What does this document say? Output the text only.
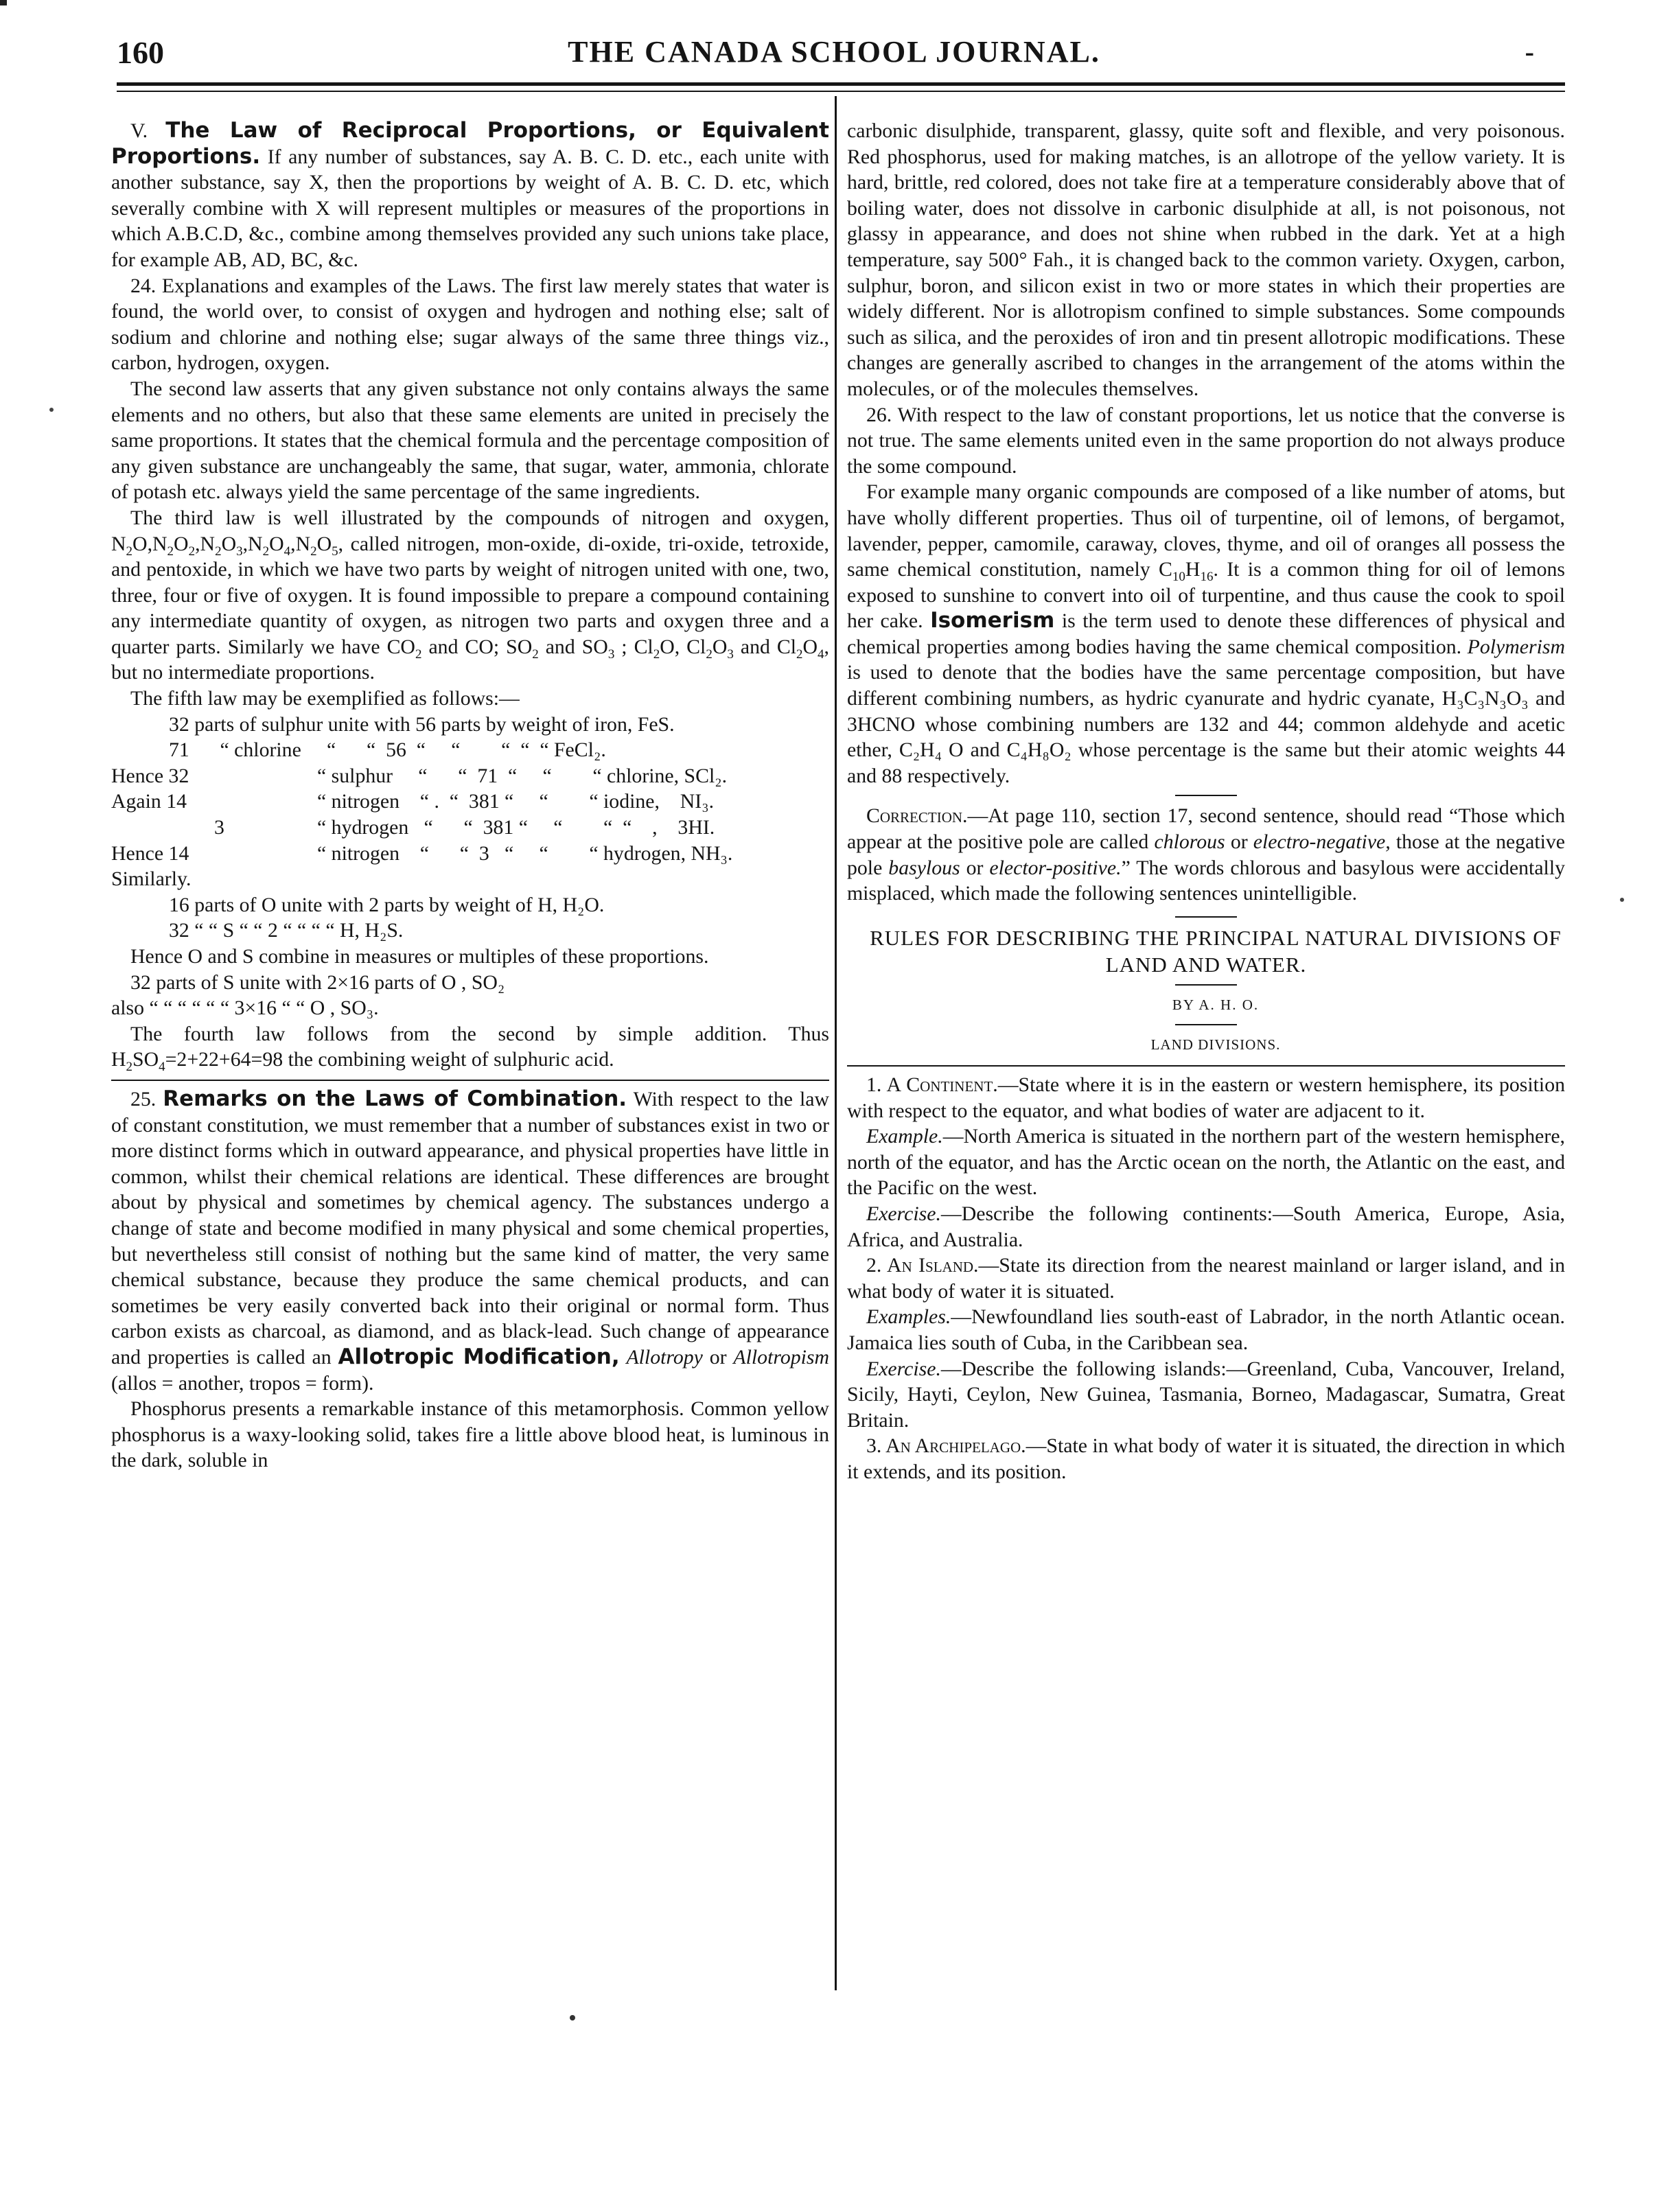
160	THE CANADA SCHOOL JOURNAL.	-

V. The Law of Reciprocal Proportions, or Equivalent Proportions. If any number of substances, say A. B. C. D. etc., each unite with another substance, say X, then the proportions by weight of A. B. C. D. etc, which severally combine with X will represent multiples or measures of the proportions in which A.B.C.D, &c., combine among themselves provided any such unions take place, for example AB, AD, BC, &c.

24. Explanations and examples of the Laws. The first law merely states that water is found, the world over, to consist of oxygen and hydrogen and nothing else; salt of sodium and chlorine and nothing else; sugar always of the same three things viz., carbon, hydrogen, oxygen.

The second law asserts that any given substance not only contains always the same elements and no others, but also that these same elements are united in precisely the same proportions. It states that the chemical formula and the percentage composition of any given substance are unchangeably the same, that sugar, water, ammonia, chlorate of potash etc. always yield the same percentage of the same ingredients.

The third law is well illustrated by the compounds of nitrogen and oxygen, $N_2O,N_2O_2,N_2O_3,N_2O_4,N_2O_5$, called nitrogen, mon-oxide, di-oxide, tri-oxide, tetroxide, and pentoxide, in which we have two parts by weight of nitrogen united with one, two, three, four or five of oxygen. It is found impossible to prepare a compound containing any intermediate quantity of oxygen, as nitrogen two parts and oxygen three and a quarter parts. Similarly we have $CO_2$ and CO; $SO_2$ and $SO_3$ ; $Cl_2O$, $Cl_2O_3$ and $Cl_2O_4$, but no intermediate proportions.

The fifth law may be exemplified as follows:—

32 parts of sulphur unite with 56 parts by weight of iron, FeS.	
71      “ chlorine     “      “  56  “     “        “  “  “ FeCl₂.	
Hence 32	“ sulphur     “      “  71  “     “        “ chlorine, SCl₂.
Again 14	“ nitrogen    “ .  “  381 “     “        “ iodine,    NI₃.
3	“ hydrogen   “      “  381 “     “        “  “    ,    3HI.
Hence 14	“ nitrogen    “      “  3   “     “        “ hydrogen, NH₃.

Similarly.

16 parts of O unite with 2 parts by weight of H, H₂O.

32 “ “ S “ “ 2 “ “ “ “ H, H₂S.

Hence O and S combine in measures or multiples of these proportions.

32 parts of S unite with 2×16 parts of O , SO₂

also “ “ “ “ “ “ 3×16 “ “ O , SO₃.

The fourth law follows from the second by simple addition. Thus $H_2SO_4=2+22+64=98$ the combining weight of sulphuric acid.

25. Remarks on the Laws of Combination. With respect to the law of constant constitution, we must remember that a number of substances exist in two or more distinct forms which in outward appearance, and physical properties have little in common, whilst their chemical relations are identical. These differences are brought about by physical and sometimes by chemical agency. The substances undergo a change of state and become modified in many physical and some chemical properties, but nevertheless still consist of nothing but the same kind of matter, the very same chemical substance, because they produce the same chemical products, and can sometimes be very easily converted back into their original or normal form. Thus carbon exists as charcoal, as diamond, and as black-lead. Such change of appearance and properties is called an Allotropic Modification, Allotropy or Allotropism (allos = another, tropos = form).

Phosphorus presents a remarkable instance of this metamorphosis. Common yellow phosphorus is a waxy-looking solid, takes fire a little above blood heat, is luminous in the dark, soluble in

carbonic disulphide, transparent, glassy, quite soft and flexible, and very poisonous. Red phosphorus, used for making matches, is an allotrope of the yellow variety. It is hard, brittle, red colored, does not take fire at a temperature considerably above that of boiling water, does not dissolve in carbonic disulphide at all, is not poisonous, not glassy in appearance, and does not shine when rubbed in the dark. Yet at a high temperature, say 500° Fah., it is changed back to the common variety. Oxygen, carbon, sulphur, boron, and silicon exist in two or more states in which their properties are widely different. Nor is allotropism confined to simple substances. Some compounds such as silica, and the peroxides of iron and tin present allotropic modifications. These changes are generally ascribed to changes in the arrangement of the atoms within the molecules, or of the molecules themselves.

26. With respect to the law of constant proportions, let us notice that the converse is not true. The same elements united even in the same proportion do not always produce the some compound.

For example many organic compounds are composed of a like number of atoms, but have wholly different properties. Thus oil of turpentine, oil of lemons, of bergamot, lavender, pepper, camomile, caraway, cloves, thyme, and oil of oranges all possess the same chemical constitution, namely $C_{10}H_{16}$. It is a common thing for oil of lemons exposed to sunshine to convert into oil of turpentine, and thus cause the cook to spoil her cake. Isomerism is the term used to denote these differences of physical and chemical properties among bodies having the same chemical composition. Polymerism is used to denote that the bodies have the same percentage composition, but have different combining numbers, as hydric cyanurate and hydric cyanate, H₃C₃N₃O₃ and 3HCNO whose combining numbers are 132 and 44; common aldehyde and acetic ether, C₂H₄ O and C₄H₈O₂ whose percentage is the same but their atomic weights 44 and 88 respectively.

Correction.—At page 110, section 17, second sentence, should read “Those which appear at the positive pole are called chlorous or electro-negative, those at the negative pole basylous or elector-positive.” The words chlorous and basylous were accidentally misplaced, which made the following sentences unintelligible.

RULES FOR DESCRIBING THE PRINCIPAL NATURAL DIVISIONS OF LAND AND WATER.

BY A. H. O.

LAND DIVISIONS.

1. A Continent.—State where it is in the eastern or western hemisphere, its position with respect to the equator, and what bodies of water are adjacent to it.

Example.—North America is situated in the northern part of the western hemisphere, north of the equator, and has the Arctic ocean on the north, the Atlantic on the east, and the Pacific on the west.

Exercise.—Describe the following continents:—South America, Europe, Asia, Africa, and Australia.

2. An Island.—State its direction from the nearest mainland or larger island, and in what body of water it is situated.

Examples.—Newfoundland lies south-east of Labrador, in the north Atlantic ocean. Jamaica lies south of Cuba, in the Caribbean sea.

Exercise.—Describe the following islands:—Greenland, Cuba, Vancouver, Ireland, Sicily, Hayti, Ceylon, New Guinea, Tasmania, Borneo, Madagascar, Sumatra, Great Britain.

3. An Archipelago.—State in what body of water it is situated, the direction in which it extends, and its position.
